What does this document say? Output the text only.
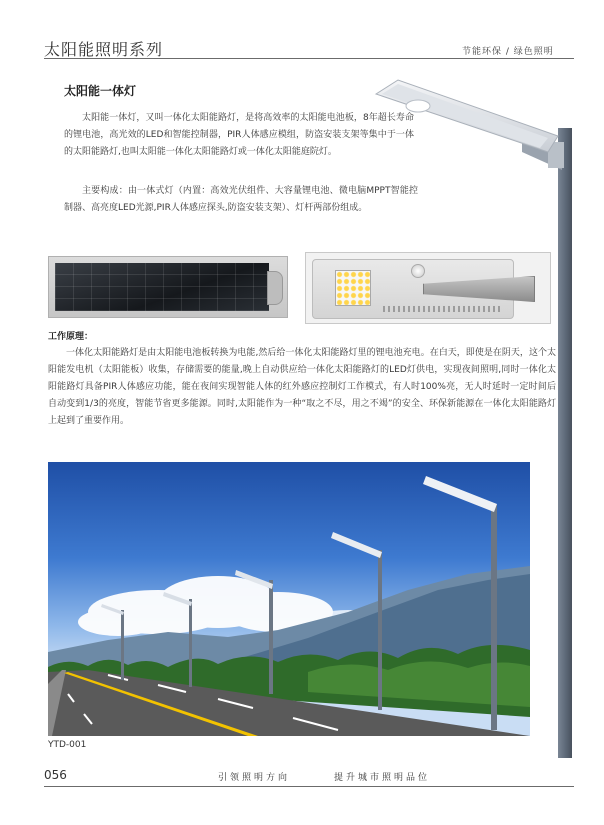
太阳能照明系列	节能环保 / 绿色照明
太阳能一体灯
太阳能一体灯，又叫一体化太阳能路灯，是将高效率的太阳能电池板，8年超长寿命的锂电池，高光效的LED和智能控制器，PIR人体感应模组，防盗安装支架等集中于一体的太阳能路灯,也叫太阳能一体化太阳能路灯或一体化太阳能庭院灯。
主要构成：由一体式灯（内置：高效光伏组件、大容量锂电池、微电脑MPPT智能控制器、高亮度LED光源,PIR人体感应探头,防盗安装支架）、灯杆两部份组成。
工作原理：
一体化太阳能路灯是由太阳能电池板转换为电能,然后给一体化太阳能路灯里的锂电池充电。在白天，即使是在阴天，这个太阳能发电机（太阳能板）收集，存储需要的能量,晚上自动供应给一体化太阳能路灯的LED灯供电，实现夜间照明,同时一体化太阳能路灯具备PIR人体感应功能，能在夜间实现智能人体的红外感应控制灯工作模式，有人时100%亮，无人时延时一定时间后自动变到1/3的亮度，智能节省更多能源。同时,太阳能作为一种“取之不尽，用之不竭”的安全、环保新能源在一体化太阳能路灯上起到了重要作用。
YTD-001
056	引领照明方向	提升城市照明品位
